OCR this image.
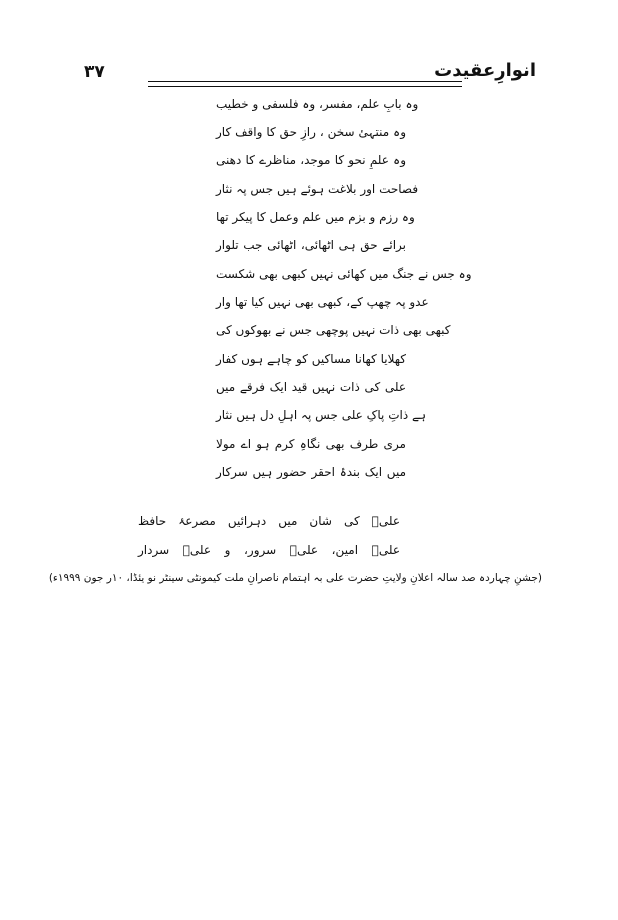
انوارِعقیدت
۳۷
وہ بابِ علم، مفسر، وہ فلسفی و خطیب
وہ منتہیٔ سخن ، رازِ حق کا واقف کار
وہ علمِ نحو کا موجد، مناظرے کا دھنی
فصاحت اور بلاغت ہوئے ہیں جس پہ نثار
وہ رزم و بزم میں علم وعمل کا پیکر تھا
برائے حق ہی اٹھائی، اٹھائی جب تلوار
وہ جس نے جنگ میں کھائی نہیں کبھی بھی شکست
عدو پہ چھپ کے، کبھی بھی نہیں کیا تھا وار
کبھی بھی ذات نہیں پوچھی جس نے بھوکوں کی
کھلایا کھانا مساکیں کو چاہے ہوں کفار
علی کی ذات نہیں قید ایک فرقے میں
ہے ذاتِ پاکِ علی جس پہ اہلِ دل ہیں نثار
مری طرف بھی نگاہِ کرم ہو اے مولا
میں ایک بندۂ احقر حضور ہیں سرکار
علیؑ کی شان میں دہرائیں مصرعۂ حافظ
علیؑ امین، علیؑ سرور، و علیؑ سردار
(جشنِ چہاردہ صد سالہ اعلانِ ولایتِ حضرت علی بہ اہتمام ناصرانِ ملت کیمونٹی سینٹر نو یئڈا، ۱۰ر جون ۱۹۹۹ء)
